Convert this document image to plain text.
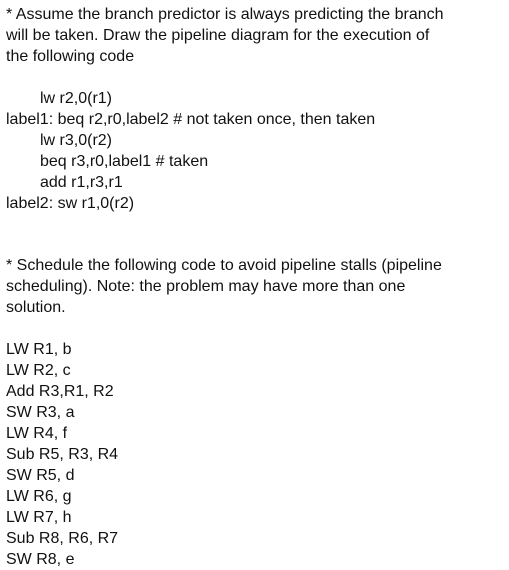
* Assume the branch predictor is always predicting the branch
will be taken. Draw the pipeline diagram for the execution of
the following code
lw r2,0(r1)
label1: beq r2,r0,label2 # not taken once, then taken
lw r3,0(r2)
beq r3,r0,label1 # taken
add r1,r3,r1
label2: sw r1,0(r2)
* Schedule the following code to avoid pipeline stalls (pipeline
scheduling). Note: the problem may have more than one
solution.
LW R1, b
LW R2, c
Add R3,R1, R2
SW R3, a
LW R4, f
Sub R5, R3, R4
SW R5, d
LW R6, g
LW R7, h
Sub R8, R6, R7
SW R8, e
